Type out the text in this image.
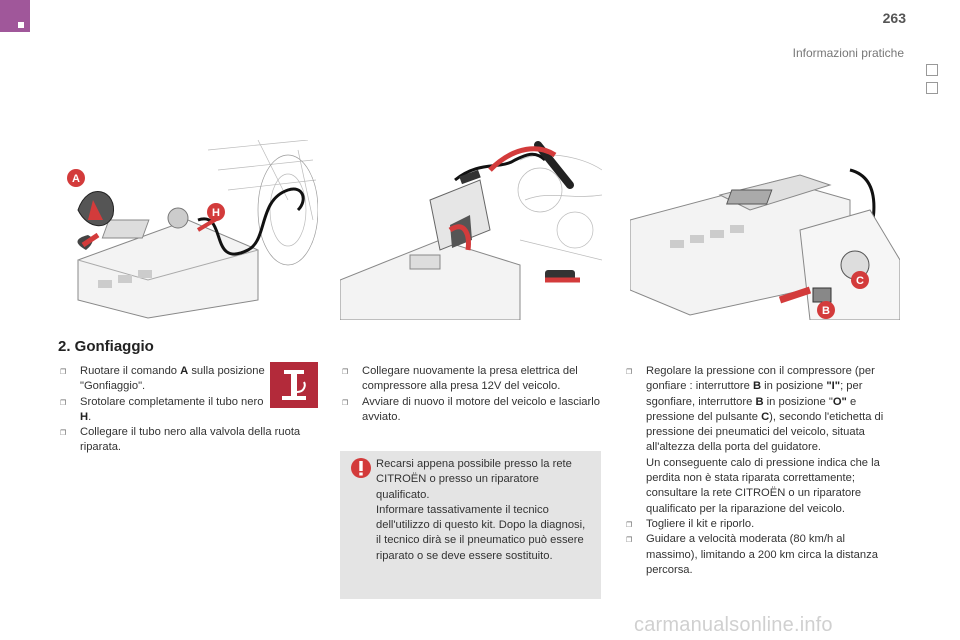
263
Informazioni pratiche
A
H
C
B
2. Gonfiaggio

❐ Ruotare il comando A sulla posizione "Gonfiaggio".

❐ Srotolare completamente il tubo nero H.

❐ Collegare il tubo nero alla valvola della ruota riparata.

❐ Collegare nuovamente la presa elettrica del compressore alla presa 12V del veicolo.

❐ Avviare di nuovo il motore del veicolo e lasciarlo avviato.

Recarsi appena possibile presso la rete CITROËN o presso un riparatore qualificato.
Informare tassativamente il tecnico dell'utilizzo di questo kit. Dopo la diagnosi, il tecnico dirà se il pneumatico può essere riparato o se deve essere sostituito.

❐ Regolare la pressione con il compressore (per gonfiare : interruttore B in posizione "I"; per sgonfiare, interruttore B in posizione "O" e pressione del pulsante C), secondo l'etichetta di pressione dei pneumatici del veicolo, situata all'altezza della porta del guidatore.

Un conseguente calo di pressione indica che la perdita non è stata riparata correttamente; consultare la rete CITROËN o un riparatore qualificato per la riparazione del veicolo.

❐ Togliere il kit e riporlo.

❐ Guidare a velocità moderata (80 km/h al massimo), limitando a 200 km circa la distanza percorsa.

carmanualsonline.info
